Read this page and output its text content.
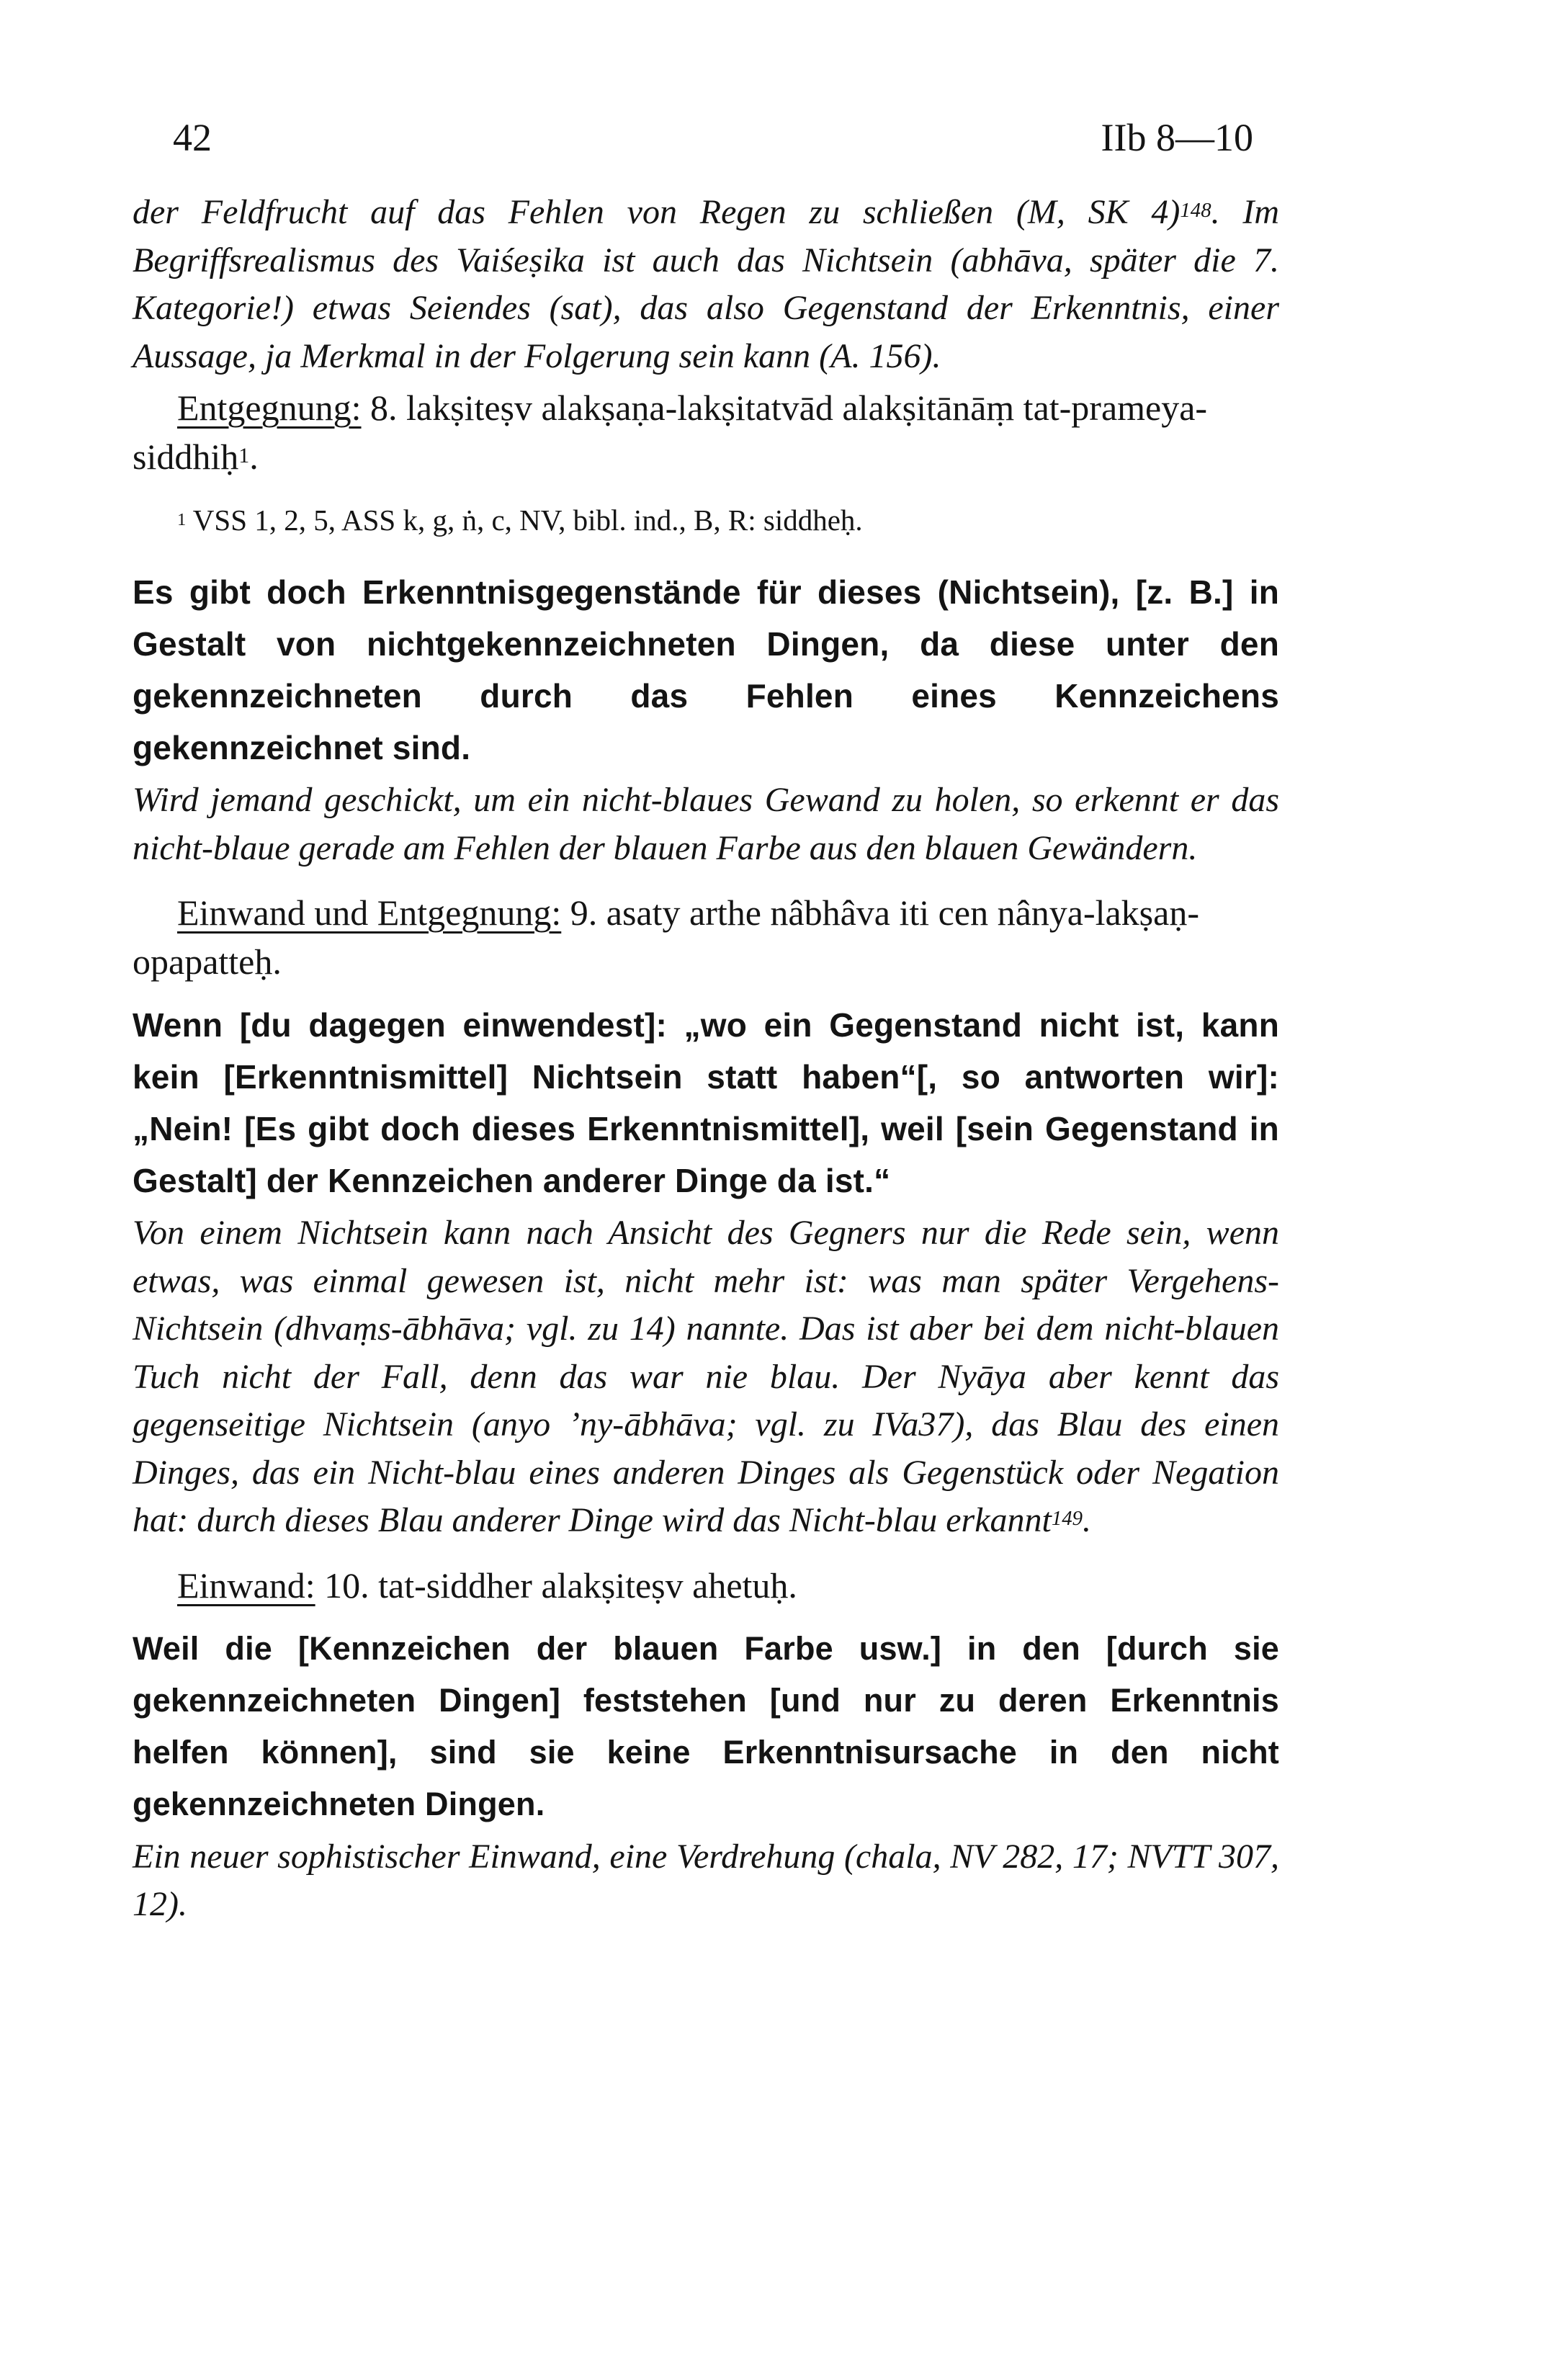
42	IIb 8—10

der Feldfrucht auf das Fehlen von Regen zu schließen (M, SK 4)$^{148}$. Im Begriffsrealismus des Vaiśeṣika ist auch das Nichtsein (abhāva, später die 7. Kategorie!) etwas Seiendes (sat), das also Gegenstand der Erkenntnis, einer Aussage, ja Merkmal in der Folgerung sein kann (A. 156).

Entgegnung: 8. lakṣiteṣv alakṣaṇa-lakṣitatvād alakṣitānāṃ tat-prameya-siddhiḥ$^1$.

$^1$ VSS 1, 2, 5, ASS k, g, ṅ, c, NV, bibl. ind., B, R: siddheḥ.

Es gibt doch Erkenntnisgegenstände für dieses (Nichtsein), [z. B.] in Gestalt von nichtgekennzeichneten Dingen, da diese unter den gekennzeichneten durch das Fehlen eines Kennzeichens gekennzeichnet sind.

Wird jemand geschickt, um ein nicht-blaues Gewand zu holen, so erkennt er das nicht-blaue gerade am Fehlen der blauen Farbe aus den blauen Gewändern.

Einwand und Entgegnung: 9. asaty arthe nâbhâva iti cen nânya-lakṣaṇ-opapatteḥ.

Wenn [du dagegen einwendest]: „wo ein Gegenstand nicht ist, kann kein [Erkenntnismittel] Nichtsein statt haben“[, so antworten wir]: „Nein! [Es gibt doch dieses Erkenntnismittel], weil [sein Gegenstand in Gestalt] der Kennzeichen anderer Dinge da ist.“

Von einem Nichtsein kann nach Ansicht des Gegners nur die Rede sein, wenn etwas, was einmal gewesen ist, nicht mehr ist: was man später Vergehens-Nichtsein (dhvaṃs-ābhāva; vgl. zu 14) nannte. Das ist aber bei dem nicht-blauen Tuch nicht der Fall, denn das war nie blau. Der Nyāya aber kennt das gegenseitige Nichtsein (anyo ’ny-ābhāva; vgl. zu IVa37), das Blau des einen Dinges, das ein Nicht-blau eines anderen Dinges als Gegenstück oder Negation hat: durch dieses Blau anderer Dinge wird das Nicht-blau erkannt$^{149}$.

Einwand: 10. tat-siddher alakṣiteṣv ahetuḥ.

Weil die [Kennzeichen der blauen Farbe usw.] in den [durch sie gekennzeichneten Dingen] feststehen [und nur zu deren Erkenntnis helfen können], sind sie keine Erkenntnisursache in den nicht gekennzeichneten Dingen.

Ein neuer sophistischer Einwand, eine Verdrehung (chala, NV 282, 17; NVTT 307, 12).
